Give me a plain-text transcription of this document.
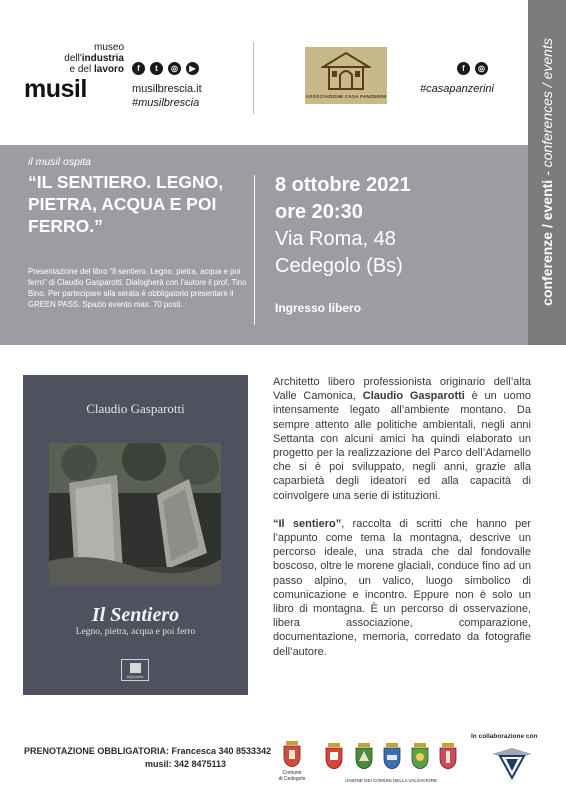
museo
dell'industria
e del lavoro
musil
f	t	◎	▶
musilbrescia.it
#musilbrescia	ASSOCIAZIONE CASA PANZERINI
f	◎
#casapanzerini
conferenze / eventi - conferences / events
il musil ospita
“IL SENTIERO. LEGNO, PIETRA, ACQUA E POI FERRO.”
Presentazione del libro “Il sentiero. Legno, pietra, acqua e poi ferro” di Claudio Gasparotti. Dialogherà con l’autore il prof. Tino Bino. Per partecipare alla serata è obbligatorio presentare il GREEN PASS. Spazio evento max. 70 posti.
8 ottobre 2021
ore 20:30
Via Roma, 48
Cedegolo (Bs)
Ingresso libero
Claudio Gasparotti
Il Sentiero
Legno, pietra, acqua e poi ferro
laQuadra

Architetto libero professionista originario dell’alta Valle Camonica, Claudio Gasparotti è un uomo intensamente legato all’ambiente montano. Da sempre attento alle politiche ambientali, negli anni Settanta con alcuni amici ha quindi elaborato un progetto per la realizzazione del Parco dell’Adamello che si è poi sviluppato, negli anni, grazie alla caparbietà degli ideatori ed alla capacità di coinvolgere una serie di istituzioni.

“Il sentiero”, raccolta di scritti che hanno per l’appunto come tema la montagna, descrive un percorso ideale, una strada che dal fondovalle boscoso, oltre le morene glaciali, conduce fino ad un passo alpino, un valico, luogo simbolico di comunicazione e incontro. Eppure non è solo un libro di montagna. È un percorso di osservazione, libera associazione, comparazione, documentazione, memoria, corredato da fotografie dell’autore.

PRENOTAZIONE OBBLIGATORIA: Francesca 340 8533342
musil: 342 8475113
Comune
di Cedegolo	UNIONE DEI COMUNI DELLA VALSAVIORE
In collaborazione con
